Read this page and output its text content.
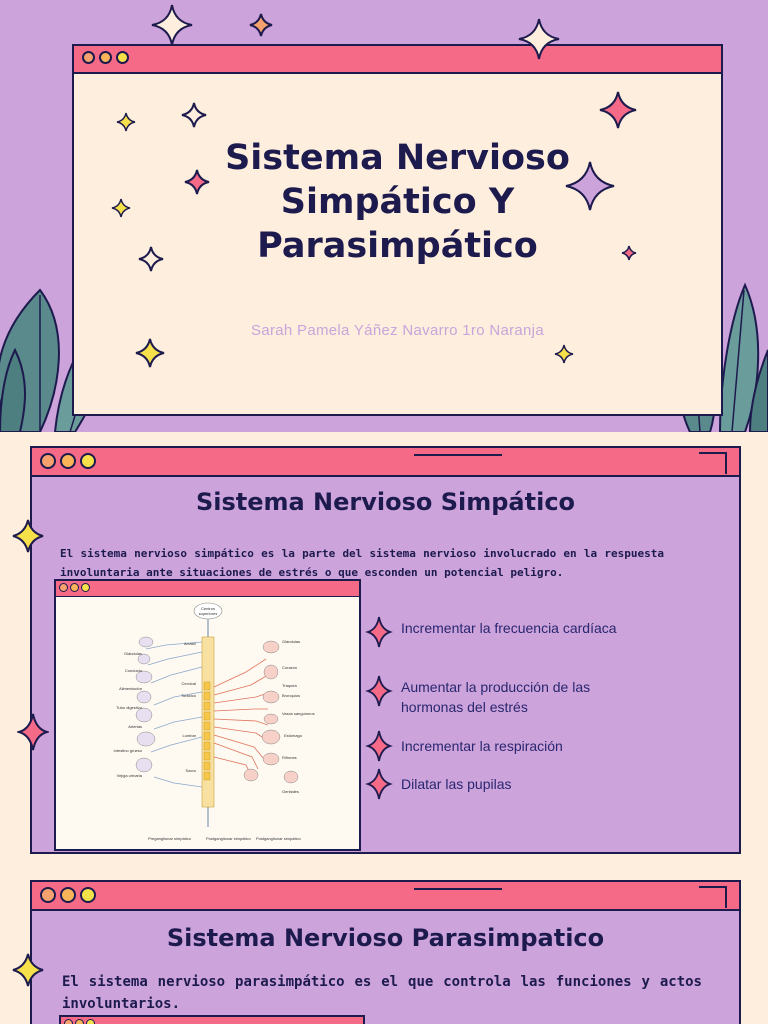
Sistema Nervioso
Simpático Y
Parasimpático
Sarah Pamela Yáñez Navarro 1ro Naranja
Sistema Nervioso Simpático
El sistema nervioso simpático es la parte del sistema nervioso involucrado en la respuesta involuntaria ante situaciones de estrés o que esconden un potencial peligro.
Centros
superiores
Glándulas
Conducto
Alimentación
Tubo digestivo
Arterias
Intestino grueso
Vejiga urinaria
Arrastr
Cervical
Torácico
Lumbar
Sacro
Glándulas
Corazón
Tráquea
Bronquios
Vasos sanguíneos
Estómago
Riñones
Genitales
Preganglionar simpático	Postganglionar simpático Postganglionar simpático
Incrementar la frecuencia cardíaca
Aumentar la producción de las hormonas del estrés
Incrementar la respiración
Dilatar las pupilas
Sistema Nervioso Parasimpatico
El sistema nervioso parasimpático es el que controla las funciones y actos involuntarios.
